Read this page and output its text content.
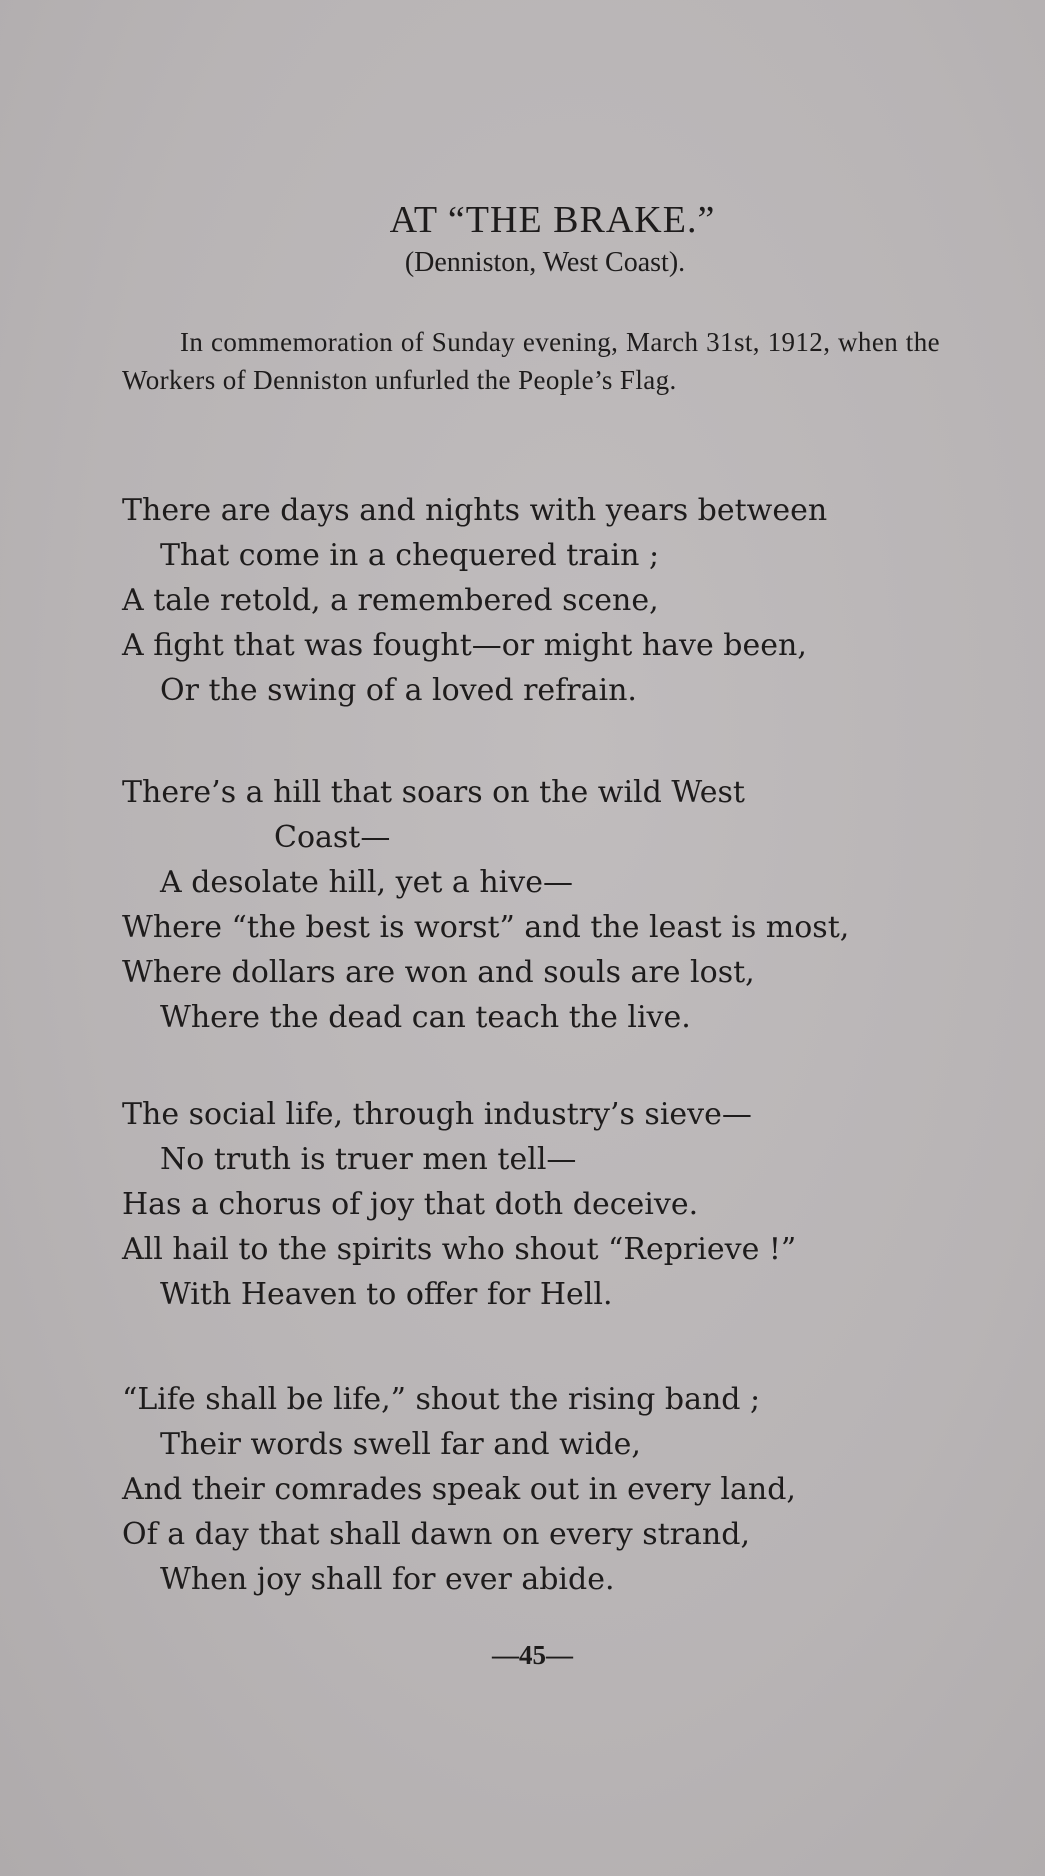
AT “THE BRAKE.”
(Denniston, West Coast).
In commemoration of Sunday evening, March 31st, 1912, when the Workers of Denniston unfurled the People’s Flag.
There are days and nights with years between
That come in a chequered train ;
A tale retold, a remembered scene,
A fight that was fought—or might have been,
Or the swing of a loved refrain.
There’s a hill that soars on the wild West
Coast—
A desolate hill, yet a hive—
Where “the best is worst” and the least is most,
Where dollars are won and souls are lost,
Where the dead can teach the live.
The social life, through industry’s sieve—
No truth is truer men tell—
Has a chorus of joy that doth deceive.
All hail to the spirits who shout “Reprieve !”
With Heaven to offer for Hell.
“Life shall be life,” shout the rising band ;
Their words swell far and wide,
And their comrades speak out in every land,
Of a day that shall dawn on every strand,
When joy shall for ever abide.
—45—
